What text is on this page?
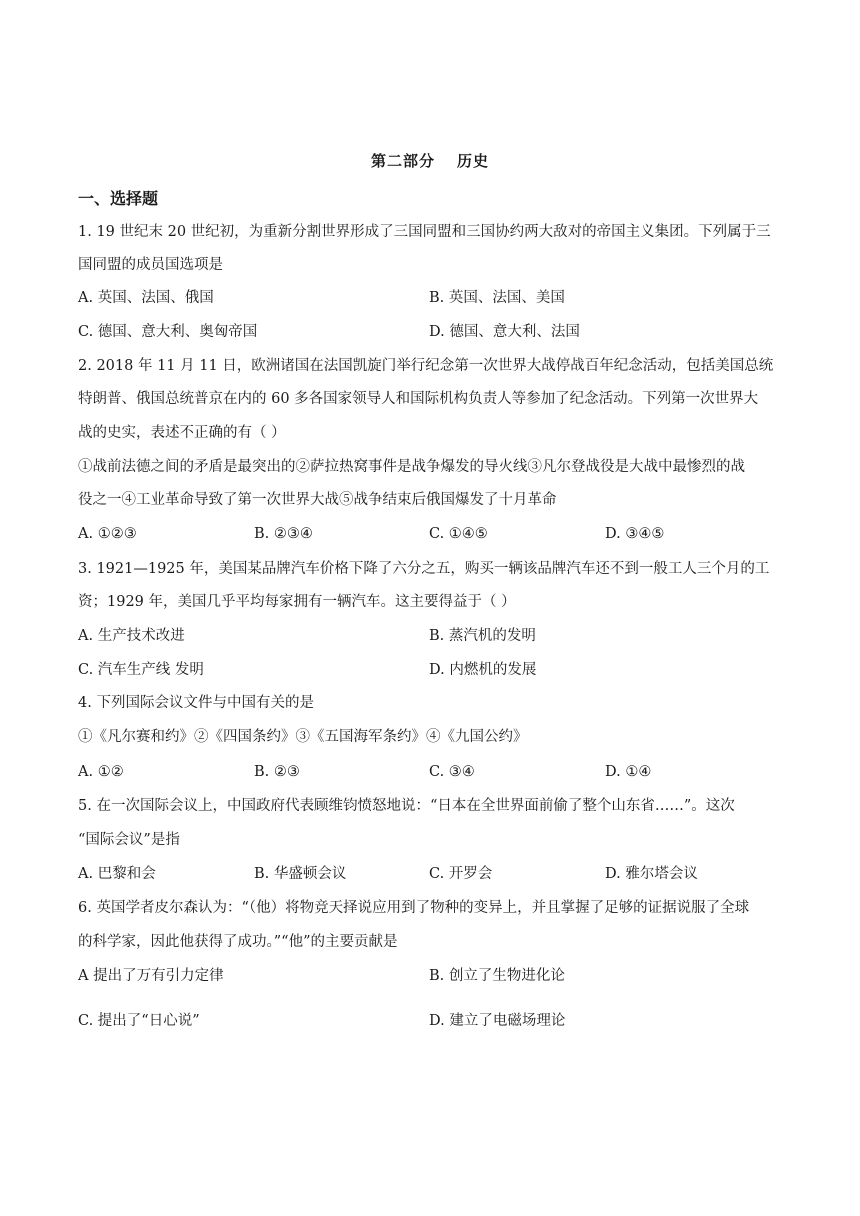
第二部分 历史
一、选择题
1. 19 世纪末 20 世纪初，为重新分割世界形成了三国同盟和三国协约两大敌对的帝国主义集团。下列属于三
国同盟的成员国选项是
A. 英国、法国、俄国	B. 英国、法国、美国
C. 德国、意大利、奥匈帝国	D. 德国、意大利、法国
2. 2018 年 11 月 11 日，欧洲诸国在法国凯旋门举行纪念第一次世界大战停战百年纪念活动，包括美国总统
特朗普、俄国总统普京在内的 60 多各国家领导人和国际机构负责人等参加了纪念活动。下列第一次世界大
战的史实，表述不正确的有（ ）
①战前法德之间的矛盾是最突出的②萨拉热窝事件是战争爆发的导火线③凡尔登战役是大战中最惨烈的战
役之一④工业革命导致了第一次世界大战⑤战争结束后俄国爆发了十月革命
A. ①②③	B. ②③④	C. ①④⑤	D. ③④⑤
3. 1921—1925 年，美国某品牌汽车价格下降了六分之五，购买一辆该品牌汽车还不到一般工人三个月的工
资；1929 年，美国几乎平均每家拥有一辆汽车。这主要得益于（ ）
A. 生产技术改进	B. 蒸汽机的发明
C. 汽车生产线 发明	D. 内燃机的发展
4. 下列国际会议文件与中国有关的是
①《凡尔赛和约》②《四国条约》③《五国海军条约》④《九国公约》
A. ①②	B. ②③	C. ③④	D. ①④
5. 在一次国际会议上，中国政府代表顾维钧愤怒地说：“日本在全世界面前偷了整个山东省……”。这次
“国际会议”是指
A. 巴黎和会	B. 华盛顿会议	C. 开罗会	D. 雅尔塔会议
6. 英国学者皮尔森认为：“（他）将物竞天择说应用到了物种的变异上，并且掌握了足够的证据说服了全球
的科学家，因此他获得了成功。”“他”的主要贡献是
A 提出了万有引力定律	B. 创立了生物进化论
C. 提出了“日心说”	D. 建立了电磁场理论
